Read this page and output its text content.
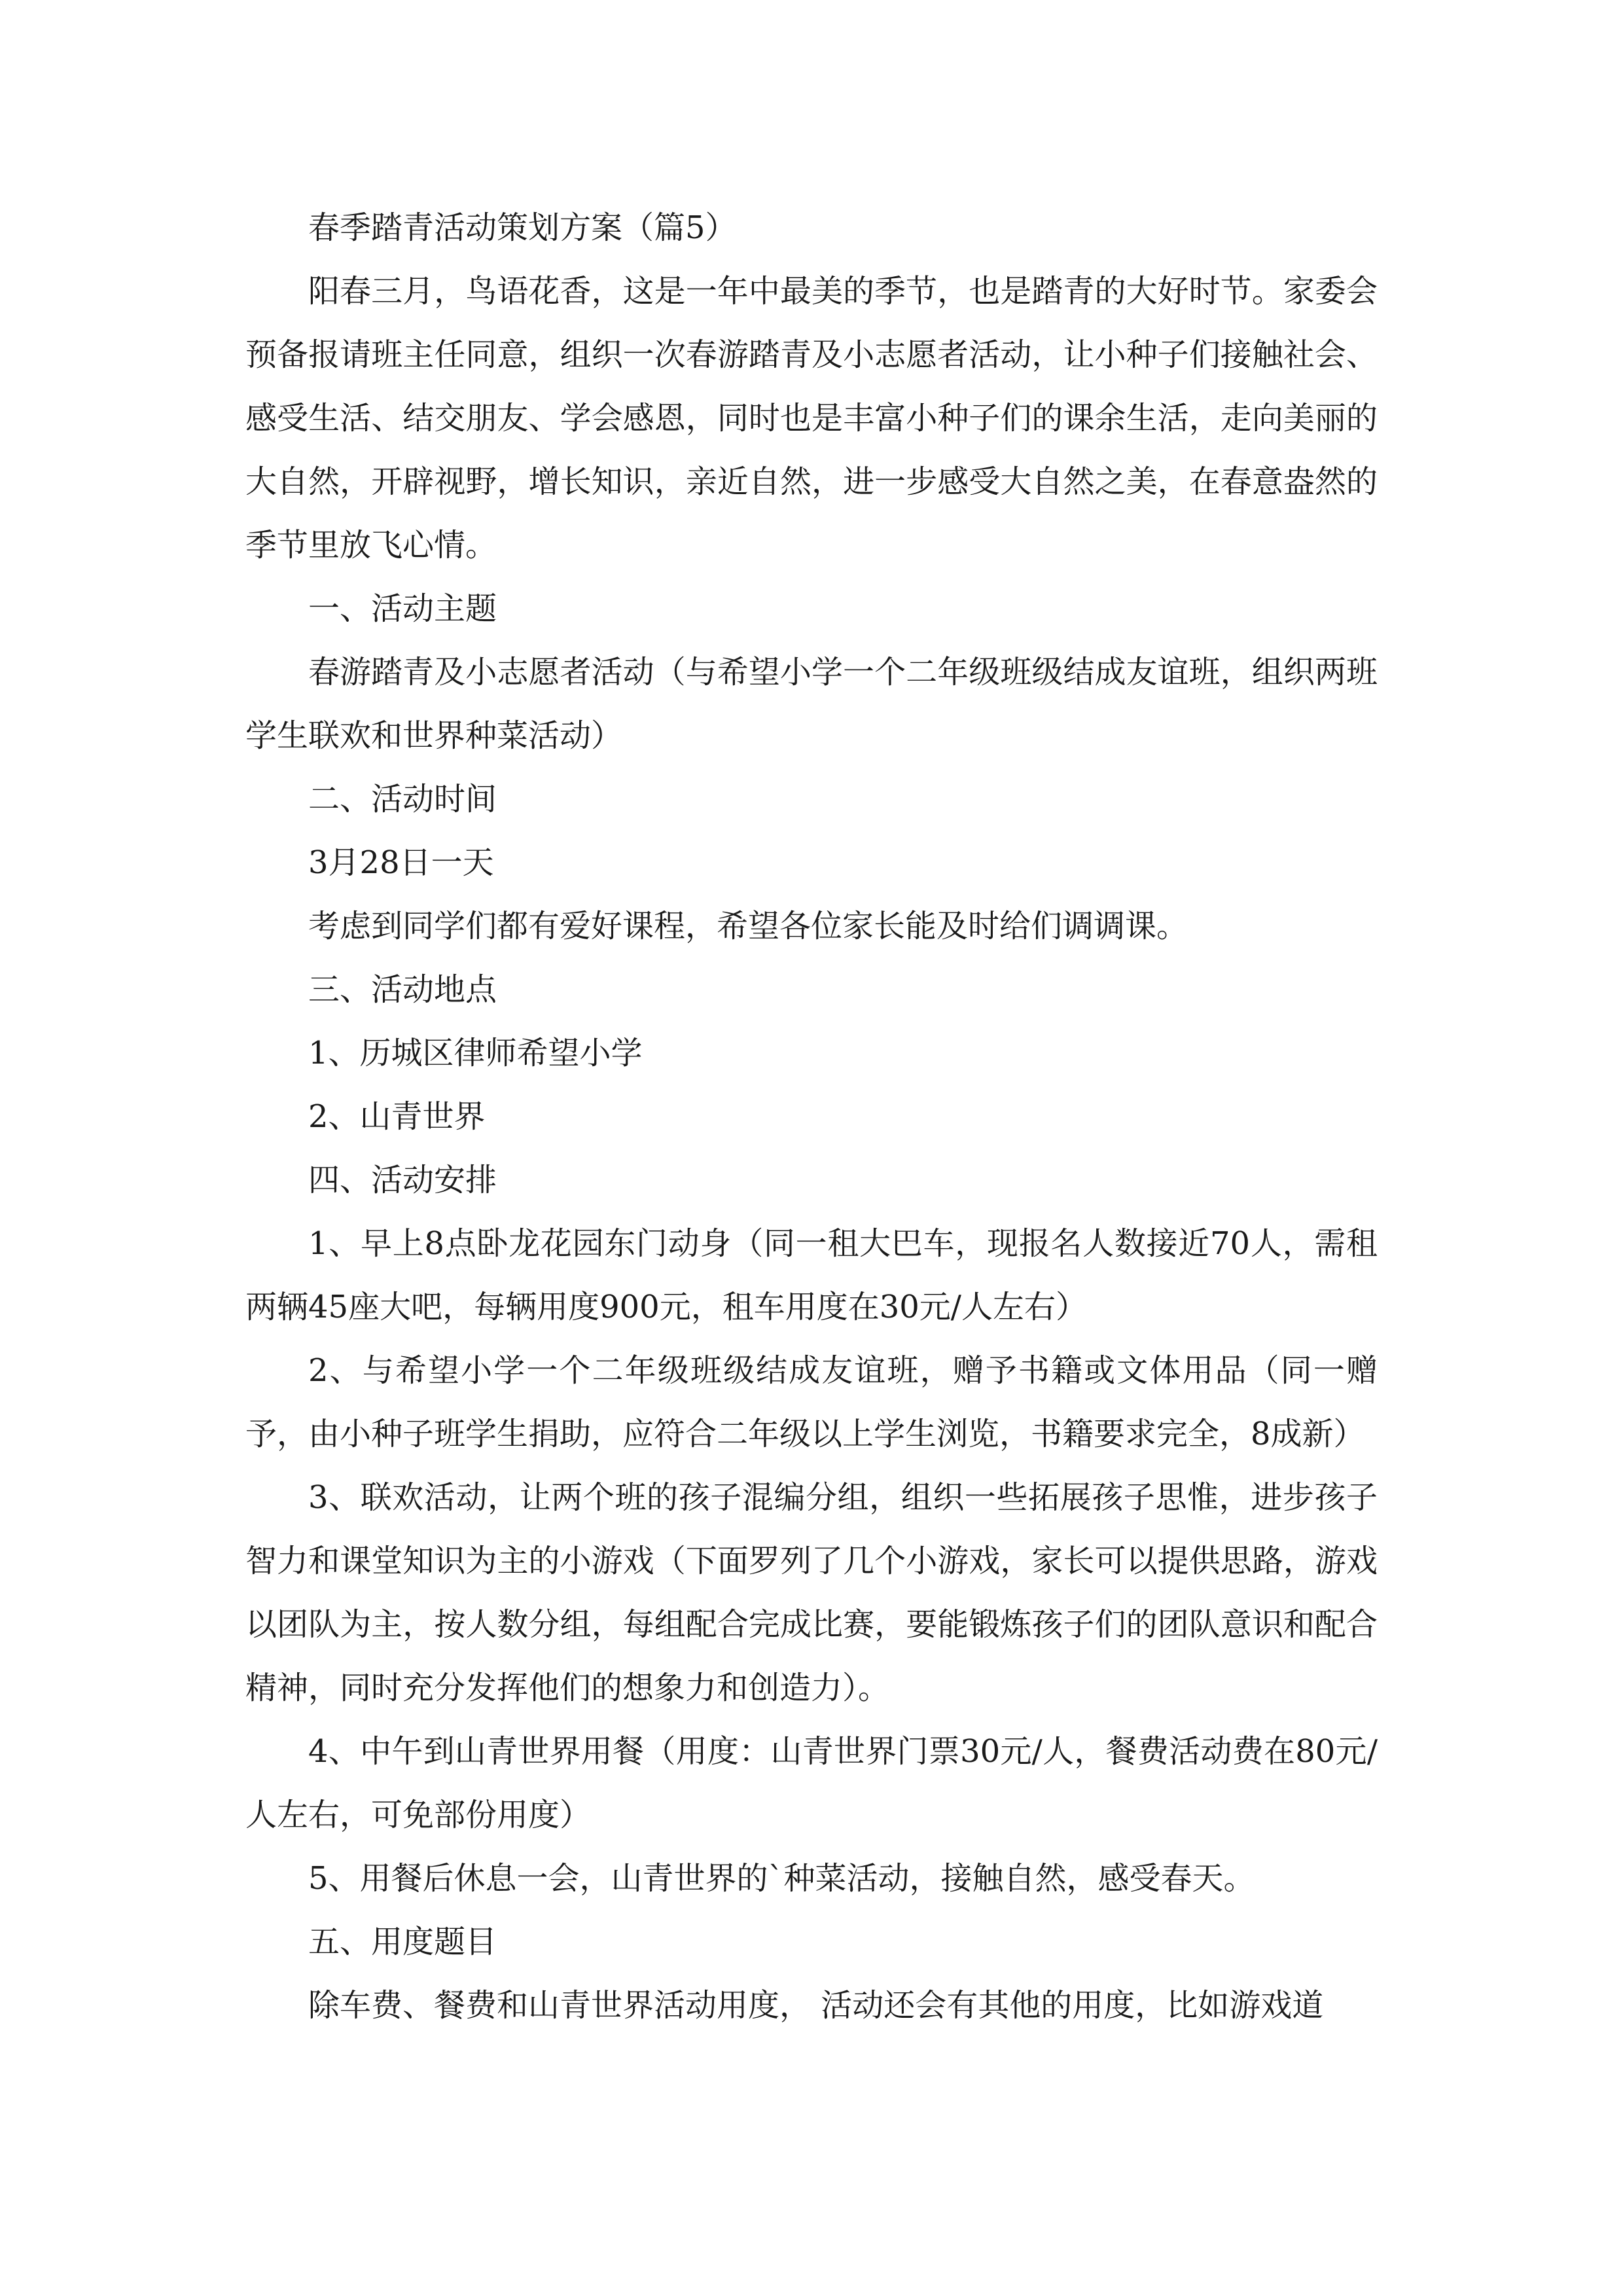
春季踏青活动策划方案（篇5）

阳春三月，鸟语花香，这是一年中最美的季节，也是踏青的大好时节。家委会预备报请班主任同意，组织一次春游踏青及小志愿者活动，让小种子们接触社会、感受生活、结交朋友、学会感恩，同时也是丰富小种子们的课余生活，走向美丽的大自然，开辟视野，增长知识，亲近自然，进一步感受大自然之美，在春意盎然的季节里放飞心情。

一、活动主题

春游踏青及小志愿者活动（与希望小学一个二年级班级结成友谊班，组织两班学生联欢和世界种菜活动）

二、活动时间

3月28日一天

考虑到同学们都有爱好课程，希望各位家长能及时给们调调课。

三、活动地点

1、历城区律师希望小学

2、山青世界

四、活动安排

1、早上8点卧龙花园东门动身（同一租大巴车，现报名人数接近70人，需租两辆45座大吧，每辆用度900元，租车用度在30元/人左右）

2、与希望小学一个二年级班级结成友谊班，赠予书籍或文体用品（同一赠予，由小种子班学生捐助，应符合二年级以上学生浏览，书籍要求完全，8成新）

3、联欢活动，让两个班的孩子混编分组，组织一些拓展孩子思惟，进步孩子智力和课堂知识为主的小游戏（下面罗列了几个小游戏，家长可以提供思路，游戏以团队为主，按人数分组，每组配合完成比赛，要能锻炼孩子们的团队意识和配合精神，同时充分发挥他们的想象力和创造力）。

4、中午到山青世界用餐（用度：山青世界门票30元/人，餐费活动费在80元/人左右，可免部份用度）

5、用餐后休息一会，山青世界的`种菜活动，接触自然，感受春天。

五、用度题目

除车费、餐费和山青世界活动用度， 活动还会有其他的用度，比如游戏道
